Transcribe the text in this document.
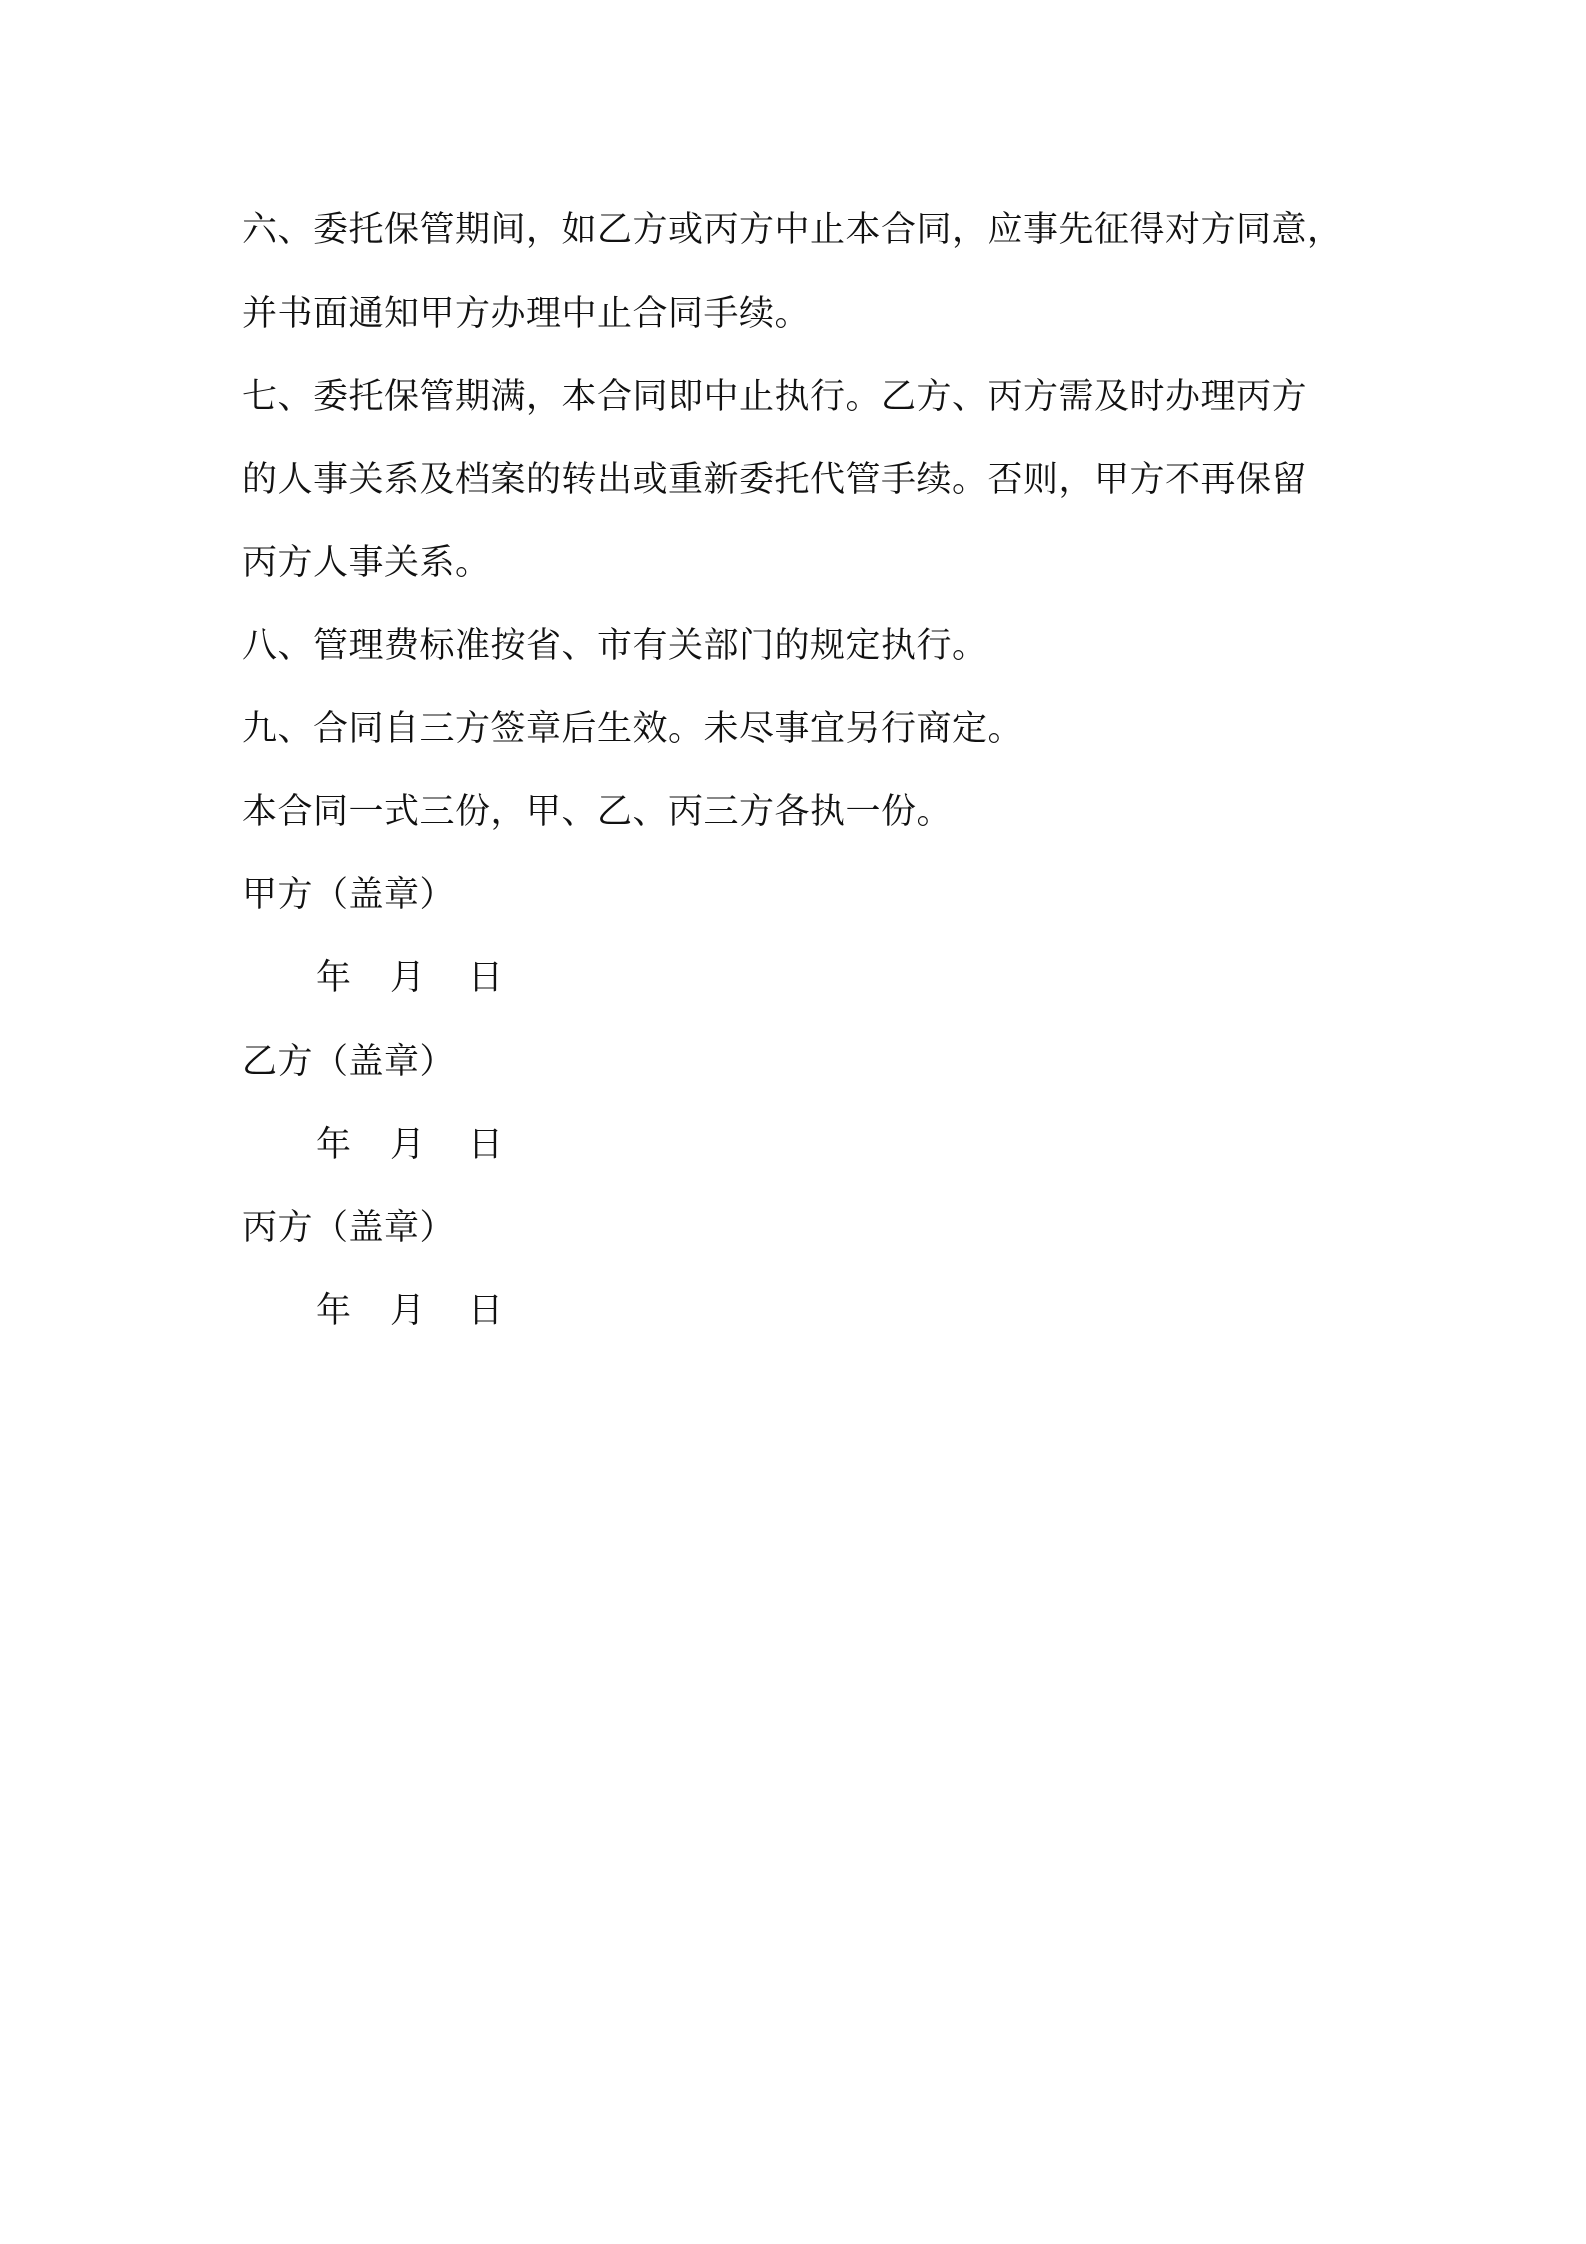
六、委托保管期间，如乙方或丙方中止本合同，应事先征得对方同意，
并书面通知甲方办理中止合同手续。
七、委托保管期满，本合同即中止执行。乙方、丙方需及时办理丙方
的人事关系及档案的转出或重新委托代管手续。否则，甲方不再保留
丙方人事关系。
八、管理费标准按省、市有关部门的规定执行。
九、合同自三方签章后生效。未尽事宜另行商定。
本合同一式三份，甲、乙、丙三方各执一份。
甲方（盖章）
年 月 日
乙方（盖章）
年 月 日
丙方（盖章）
年 月 日
